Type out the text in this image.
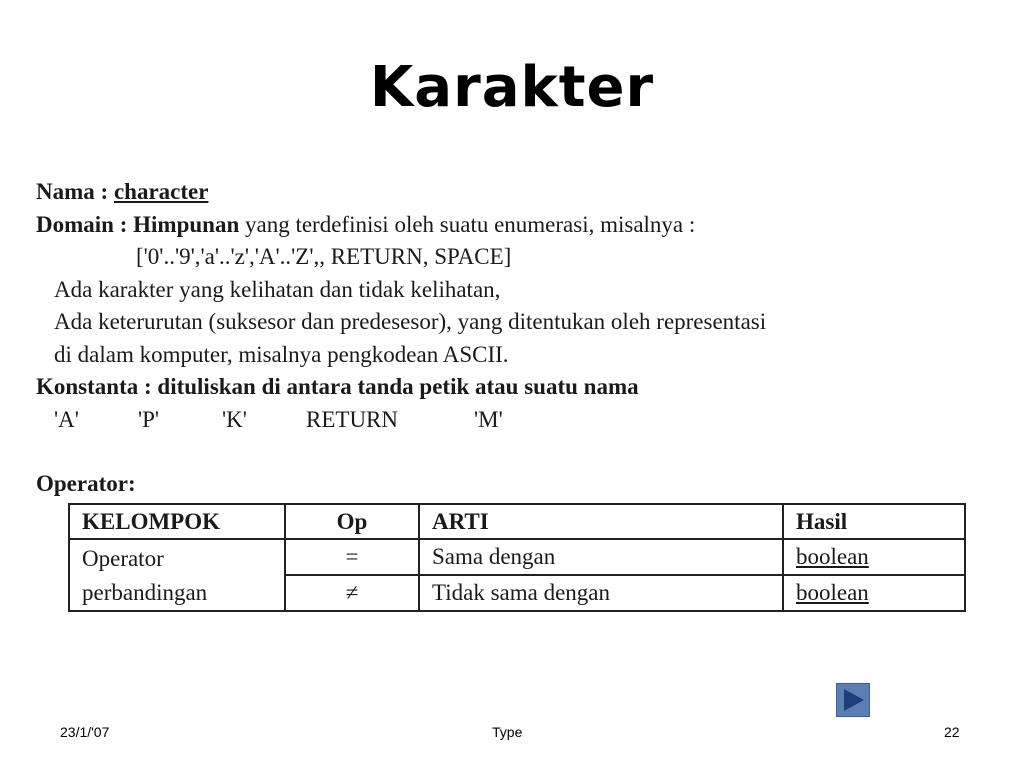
Karakter
Nama : character
Domain : Himpunan yang terdefinisi oleh suatu enumerasi, misalnya :
['0'..'9','a'..'z','A'..'Z',, RETURN, SPACE]
Ada karakter yang kelihatan dan tidak kelihatan,
Ada keterurutan (suksesor dan predesesor), yang ditentukan oleh representasi
di dalam komputer, misalnya pengkodean ASCII.
Konstanta : dituliskan di antara tanda petik atau suatu nama
'A'	'P'	'K'	RETURN	'M'
Operator:
KELOMPOK	Op	ARTI	Hasil

Operator
perbandingan	=	Sama dengan	boolean
	≠	Tidak sama dengan	boolean
23/1/'07	Type	22
